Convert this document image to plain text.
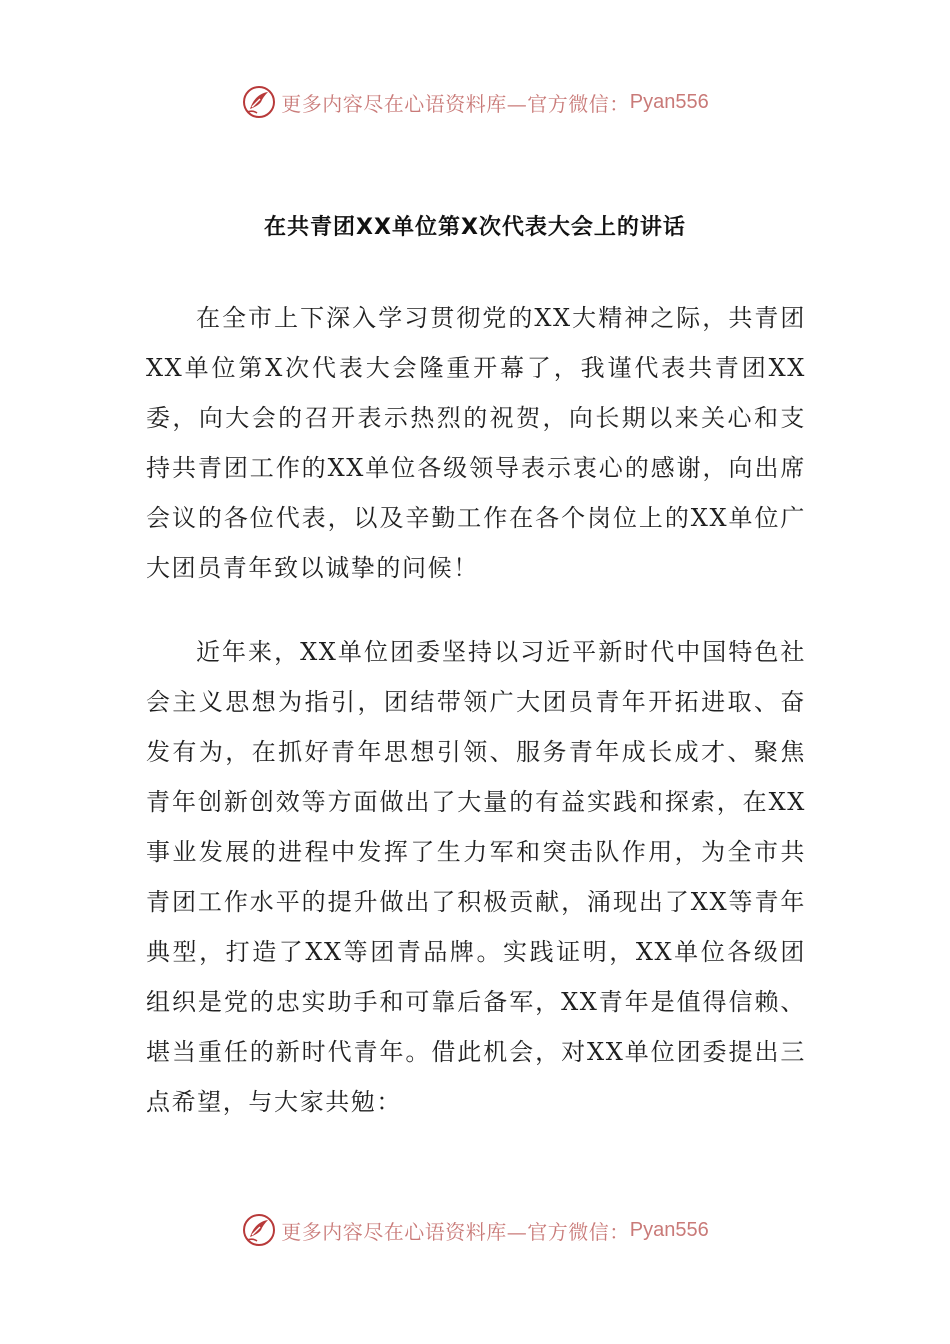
更多内容尽在心语资料库—官方微信： Pyan556
在共青团XX单位第X次代表大会上的讲话

在全市上下深入学习贯彻党的XX大精神之际，共青团XX单位第X次代表大会隆重开幕了，我谨代表共青团XX委，向大会的召开表示热烈的祝贺，向长期以来关心和支持共青团工作的XX单位各级领导表示衷心的感谢，向出席会议的各位代表，以及辛勤工作在各个岗位上的XX单位广大团员青年致以诚挚的问候！

近年来，XX单位团委坚持以习近平新时代中国特色社会主义思想为指引，团结带领广大团员青年开拓进取、奋发有为，在抓好青年思想引领、服务青年成长成才、聚焦青年创新创效等方面做出了大量的有益实践和探索，在XX事业发展的进程中发挥了生力军和突击队作用，为全市共青团工作水平的提升做出了积极贡献，涌现出了XX等青年典型，打造了XX等团青品牌。实践证明，XX单位各级团组织是党的忠实助手和可靠后备军，XX青年是值得信赖、堪当重任的新时代青年。借此机会，对XX单位团委提出三点希望，与大家共勉：

更多内容尽在心语资料库—官方微信： Pyan556
